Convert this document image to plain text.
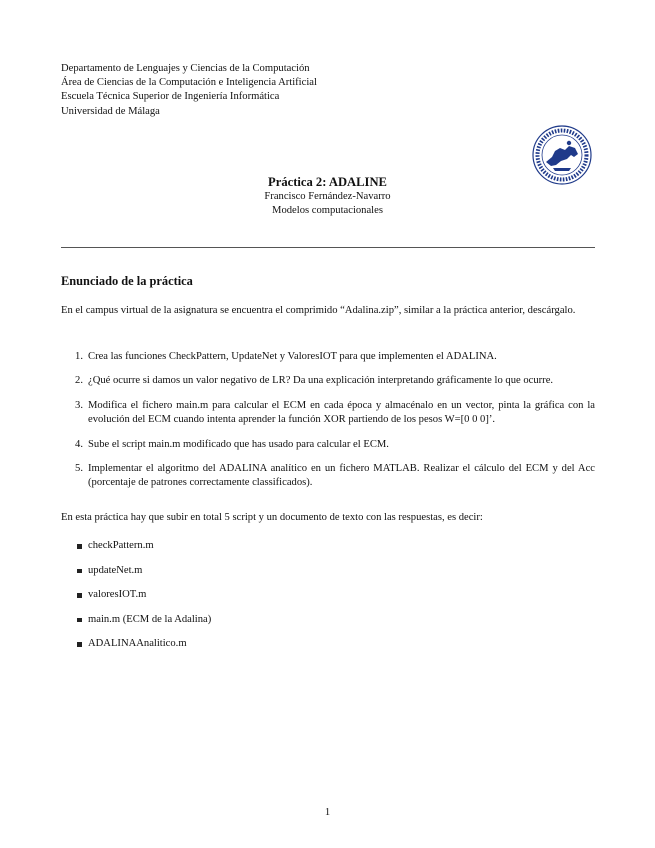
Departamento de Lenguajes y Ciencias de la Computación
Área de Ciencias de la Computación e Inteligencia Artificial
Escuela Técnica Superior de Ingeniería Informática
Universidad de Málaga
Práctica 2: ADALINE
Francisco Fernández-Navarro
Modelos computacionales
Enunciado de la práctica
En el campus virtual de la asignatura se encuentra el comprimido “Adalina.zip”, similar a la práctica anterior, descárgalo.
1. Crea las funciones CheckPattern, UpdateNet y ValoresIOT para que implementen el ADALINA.
2. ¿Qué ocurre si damos un valor negativo de LR? Da una explicación interpretando gráficamente lo que ocurre.
3. Modifica el fichero main.m para calcular el ECM en cada época y almacénalo en un vector, pinta la gráfica con la evolución del ECM cuando intenta aprender la función XOR partiendo de los pesos W=[0 0 0]’.
4. Sube el script main.m modificado que has usado para calcular el ECM.
5. Implementar el algoritmo del ADALINA analítico en un fichero MATLAB. Realizar el cálculo del ECM y del Acc (porcentaje de patrones correctamente classificados).
En esta práctica hay que subir en total 5 script y un documento de texto con las respuestas, es decir:
checkPattern.m
updateNet.m
valoresIOT.m
main.m (ECM de la Adalina)
ADALINAAnalitico.m
1
